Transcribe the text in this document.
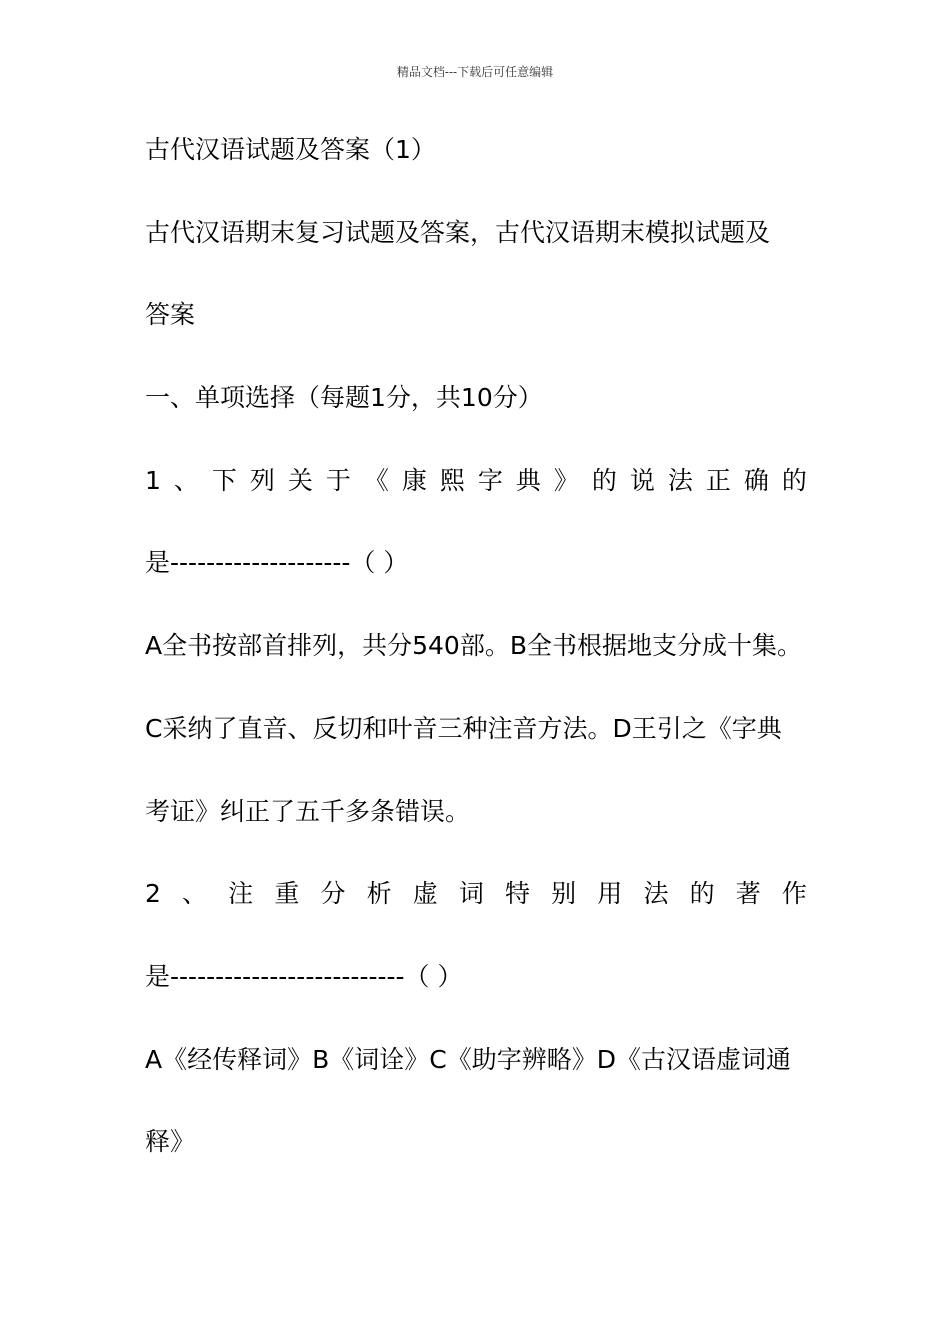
精品文档---下载后可任意编辑
古代汉语试题及答案（1）
古代汉语期末复习试题及答案，古代汉语期末模拟试题及
答案
一、单项选择（每题1分，共10分）
1 、 下 列 关 于 《 康 熙 字 典 》 的 说 法 正 确 的
是--------------------（ ）
A全书按部首排列，共分540部。B全书根据地支分成十集。
C采纳了直音、反切和叶音三种注音方法。D王引之《字典
考证》纠正了五千多条错误。
2 、 注 重 分 析 虚 词 特 别 用 法 的 著 作
是--------------------------（ ）
A《经传释词》B《词诠》C《助字辨略》D《古汉语虚词通
释》
